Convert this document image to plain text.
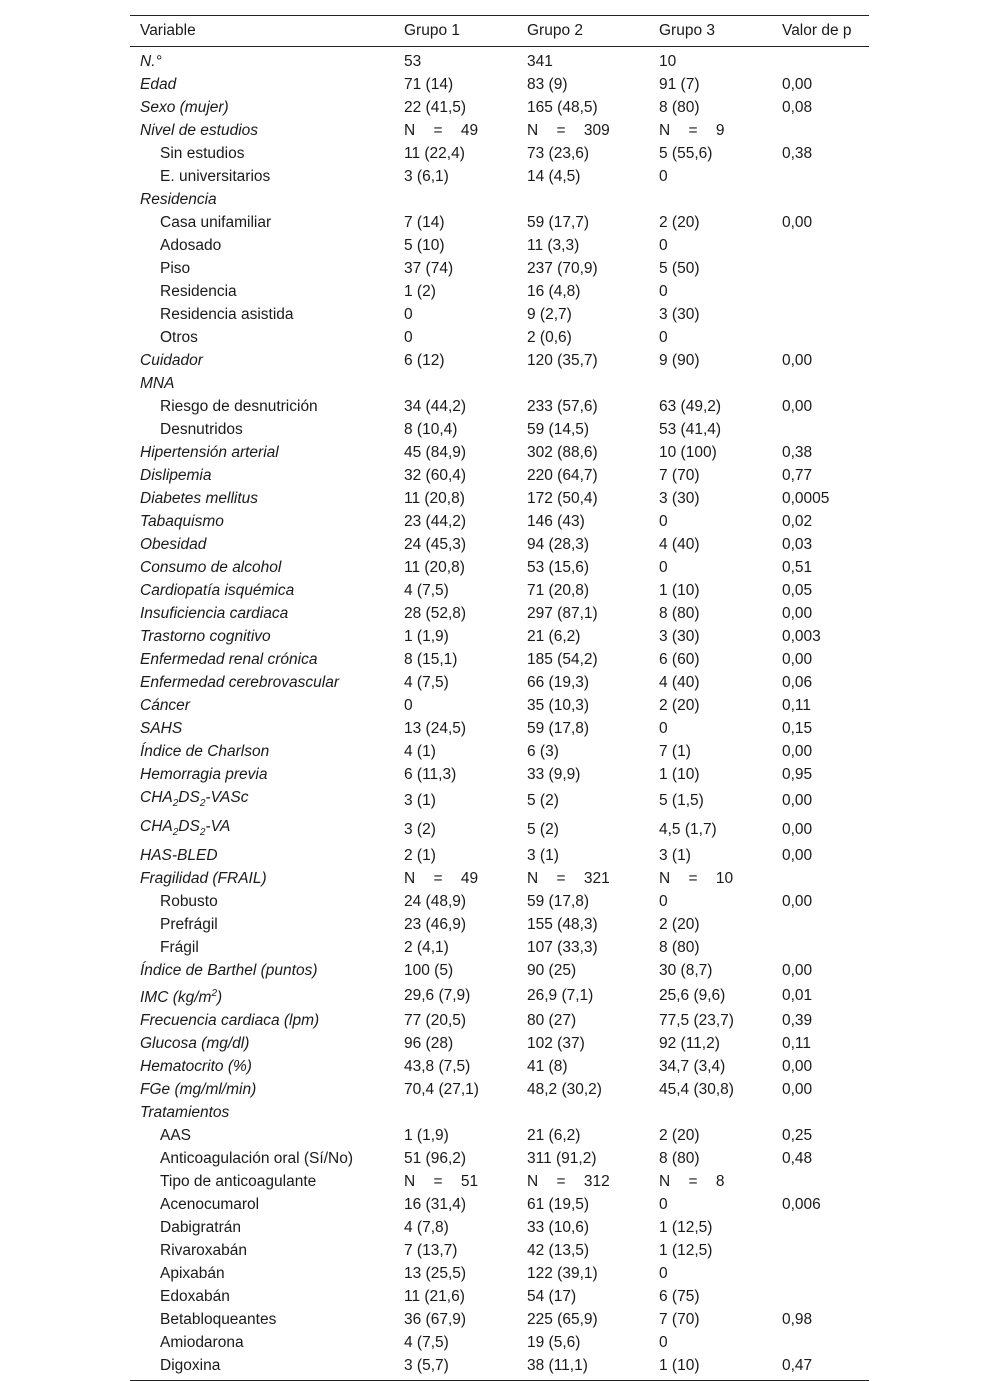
Variable	Grupo 1	Grupo 2	Grupo 3	Valor de p
N.°	53	341	10	
Edad	71 (14)	83 (9)	91 (7)	0,00
Sexo (mujer)	22 (41,5)	165 (48,5)	8 (80)	0,08
Nivel de estudios	N = 49	N = 309	N = 9	
Sin estudios	11 (22,4)	73 (23,6)	5 (55,6)	0,38
E. universitarios	3 (6,1)	14 (4,5)	0	
Residencia				
Casa unifamiliar	7 (14)	59 (17,7)	2 (20)	0,00
Adosado	5 (10)	11 (3,3)	0	
Piso	37 (74)	237 (70,9)	5 (50)	
Residencia	1 (2)	16 (4,8)	0	
Residencia asistida	0	9 (2,7)	3 (30)	
Otros	0	2 (0,6)	0	
Cuidador	6 (12)	120 (35,7)	9 (90)	0,00
MNA				
Riesgo de desnutrición	34 (44,2)	233 (57,6)	63 (49,2)	0,00
Desnutridos	8 (10,4)	59 (14,5)	53 (41,4)	
Hipertensión arterial	45 (84,9)	302 (88,6)	10 (100)	0,38
Dislipemia	32 (60,4)	220 (64,7)	7 (70)	0,77
Diabetes mellitus	11 (20,8)	172 (50,4)	3 (30)	0,0005
Tabaquismo	23 (44,2)	146 (43)	0	0,02
Obesidad	24 (45,3)	94 (28,3)	4 (40)	0,03
Consumo de alcohol	11 (20,8)	53 (15,6)	0	0,51
Cardiopatía isquémica	4 (7,5)	71 (20,8)	1 (10)	0,05
Insuficiencia cardiaca	28 (52,8)	297 (87,1)	8 (80)	0,00
Trastorno cognitivo	1 (1,9)	21 (6,2)	3 (30)	0,003
Enfermedad renal crónica	8 (15,1)	185 (54,2)	6 (60)	0,00
Enfermedad cerebrovascular	4 (7,5)	66 (19,3)	4 (40)	0,06
Cáncer	0	35 (10,3)	2 (20)	0,11
SAHS	13 (24,5)	59 (17,8)	0	0,15
Índice de Charlson	4 (1)	6 (3)	7 (1)	0,00
Hemorragia previa	6 (11,3)	33 (9,9)	1 (10)	0,95
$CHA_2DS_2$-VASc	3 (1)	5 (2)	5 (1,5)	0,00
$CHA_2DS_2-VA$	3 (2)	5 (2)	4,5 (1,7)	0,00
HAS-BLED	2 (1)	3 (1)	3 (1)	0,00
Fragilidad (FRAIL)	N = 49	N = 321	N = 10	
Robusto	24 (48,9)	59 (17,8)	0	0,00
Prefrágil	23 (46,9)	155 (48,3)	2 (20)	
Frágil	2 (4,1)	107 (33,3)	8 (80)	
Índice de Barthel (puntos)	100 (5)	90 (25)	30 (8,7)	0,00
IMC $(kg/m^2)$	29,6 (7,9)	26,9 (7,1)	25,6 (9,6)	0,01
Frecuencia cardiaca (lpm)	77 (20,5)	80 (27)	77,5 (23,7)	0,39
Glucosa (mg/dl)	96 (28)	102 (37)	92 (11,2)	0,11
Hematocrito (%)	43,8 (7,5)	41 (8)	34,7 (3,4)	0,00
FGe (mg/ml/min)	70,4 (27,1)	48,2 (30,2)	45,4 (30,8)	0,00
Tratamientos				
AAS	1 (1,9)	21 (6,2)	2 (20)	0,25
Anticoagulación oral (Sí/No)	51 (96,2)	311 (91,2)	8 (80)	0,48
Tipo de anticoagulante	N = 51	N = 312	N = 8	
Acenocumarol	16 (31,4)	61 (19,5)	0	0,006
Dabigratrán	4 (7,8)	33 (10,6)	1 (12,5)	
Rivaroxabán	7 (13,7)	42 (13,5)	1 (12,5)	
Apixabán	13 (25,5)	122 (39,1)	0	
Edoxabán	11 (21,6)	54 (17)	6 (75)	
Betabloqueantes	36 (67,9)	225 (65,9)	7 (70)	0,98
Amiodarona	4 (7,5)	19 (5,6)	0	
Digoxina	3 (5,7)	38 (11,1)	1 (10)	0,47
